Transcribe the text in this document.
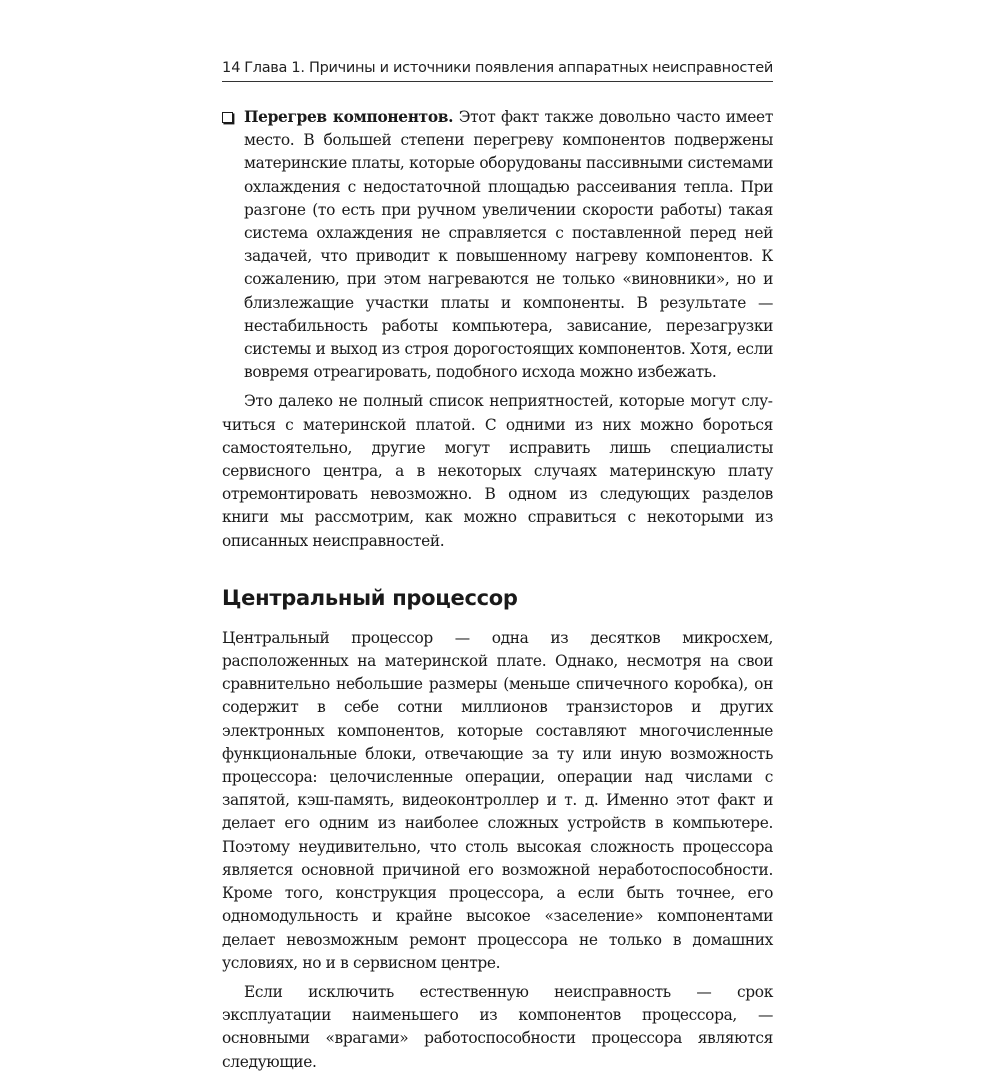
14 Глава 1. Причины и источники появления аппаратных неисправностей
Перегрев компонентов. Этот факт также довольно часто имеет место. В большей степени перегреву компонентов подвержены материнские платы, которые оборудованы пассивными системами охлаждения с недостаточной площадью рассеивания тепла. При разгоне (то есть при ручном увеличении скорости работы) такая система охлаждения не справляется с поставленной перед ней задачей, что приводит к повышенному нагреву компонентов. К сожалению, при этом нагреваются не только «виновники», но и близлежащие участки платы и компоненты. В результате — нестабильность работы компьютера, зависание, перезагрузки системы и выход из строя дорогостоящих компонентов. Хотя, если вовремя отреагировать, подобного исхода можно избежать.

Это далеко не полный список неприятностей, которые могут случиться с материнской платой. С одними из них можно бороться самостоятельно, другие могут исправить лишь специалисты сервисного центра, а в некоторых случаях материнскую плату отремонтировать невозможно. В одном из следующих разделов книги мы рассмотрим, как можно справиться с некоторыми из описанных неисправностей.

Центральный процессор

Центральный процессор — одна из десятков микросхем, расположенных на материнской плате. Однако, несмотря на свои сравнительно небольшие размеры (меньше спичечного коробка), он содержит в себе сотни миллионов транзисторов и других электронных компонентов, которые составляют многочисленные функциональные блоки, отвечающие за ту или иную возможность процессора: целочисленные операции, операции над числами с запятой, кэш-память, видеоконтроллер и т. д. Именно этот факт и делает его одним из наиболее сложных устройств в компьютере. Поэтому неудивительно, что столь высокая сложность процессора является основной причиной его возможной неработоспособности. Кроме того, конструкция процессора, а если быть точнее, его одномодульность и крайне высокое «заселение» компонентами делает невозможным ремонт процессора не только в домашних условиях, но и в сервисном центре.

Если исключить естественную неисправность — срок эксплуатации наименьшего из компонентов процессора, — основными «врагами» работоспособности процессора являются следующие.
